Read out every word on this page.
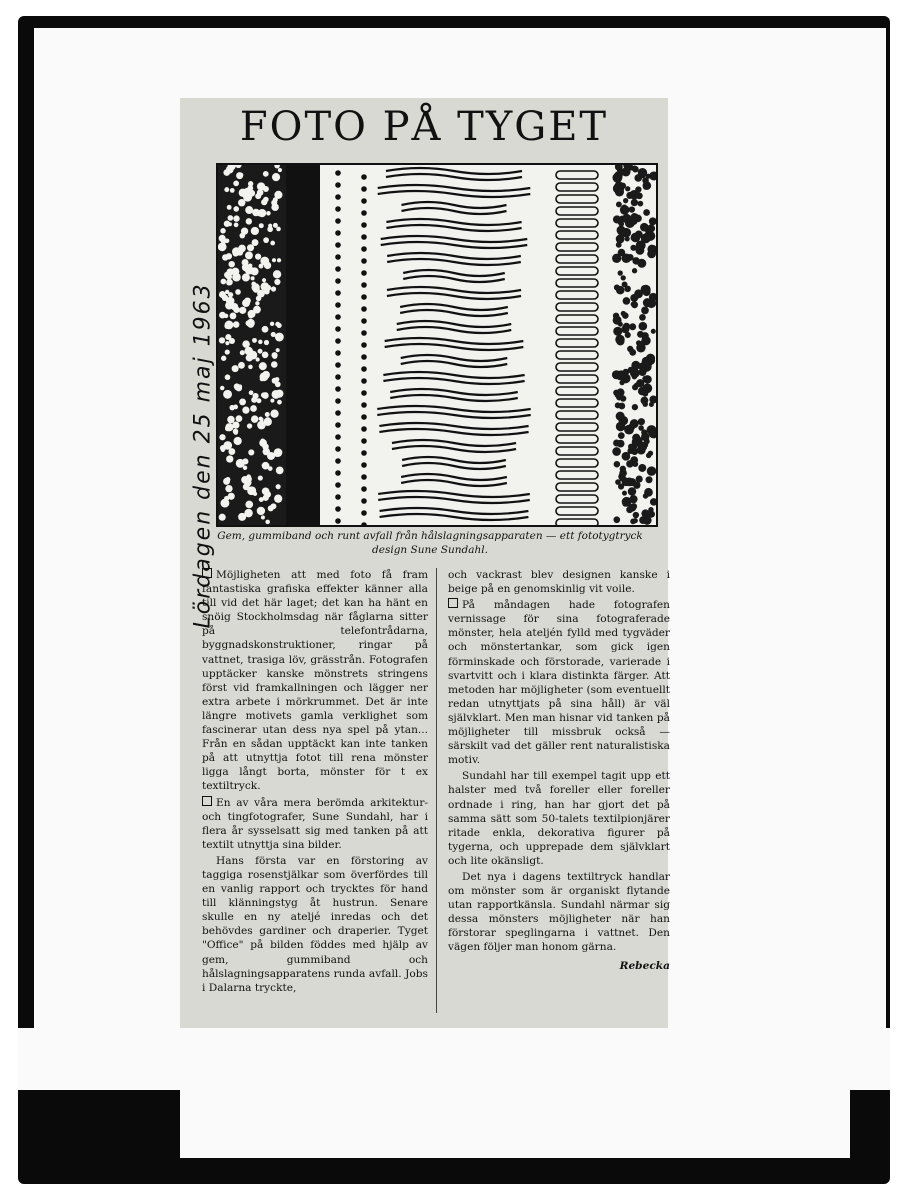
FOTO PÅ TYGET
Lördagen den 25 maj 1963 Gem, gummiband och runt avfall från hålslagningsapparaten — ett fototygtryck design Sune Sundahl.

Möjligheten att med foto få fram fantastiska grafiska effekter känner alla till vid det här laget; det kan ha hänt en snöig Stockholmsdag när fåglarna sitter på telefontrådarna, byggnadskonstruktioner, ringar på vattnet, trasiga löv, grässtrån. Fotografen upptäcker kanske mönstrets stringens först vid framkallningen och lägger ner extra arbete i mörkrummet. Det är inte längre motivets gamla verklighet som fascinerar utan dess nya spel på ytan... Från en sådan upptäckt kan inte tanken på att utnyttja fotot till rena mönster ligga långt borta, mönster för t ex textiltryck.

En av våra mera berömda arkitektur- och tingfotografer, Sune Sundahl, har i flera år sysselsatt sig med tanken på att textilt utnyttja sina bilder.

Hans första var en förstoring av taggiga rosenstjälkar som överfördes till en vanlig rapport och trycktes för hand till klänningstyg åt hustrun. Senare skulle en ny ateljé inredas och det behövdes gardiner och draperier. Tyget "Office" på bilden föddes med hjälp av gem, gummiband och hålslagningsapparatens runda avfall. Jobs i Dalarna tryckte,

och vackrast blev designen kanske i beige på en genomskinlig vit voile.

På måndagen hade fotografen vernissage för sina fotograferade mönster, hela ateljén fylld med tygväder och mönstertankar, som gick igen förminskade och förstorade, varierade i svartvitt och i klara distinkta färger. Att metoden har möjligheter (som eventuellt redan utnyttjats på sina håll) är väl självklart. Men man hisnar vid tanken på möjligheter till missbruk också — särskilt vad det gäller rent naturalistiska motiv.

Sundahl har till exempel tagit upp ett halster med två foreller eller foreller ordnade i ring, han har gjort det på samma sätt som 50-talets textilpionjärer ritade enkla, dekorativa figurer på tygerna, och upprepade dem självklart och lite okänsligt.

Det nya i dagens textiltryck handlar om mönster som är organiskt flytande utan rapportkänsla. Sundahl närmar sig dessa mönsters möjligheter när han förstorar speglingarna i vattnet. Den vägen följer man honom gärna.

Rebecka
